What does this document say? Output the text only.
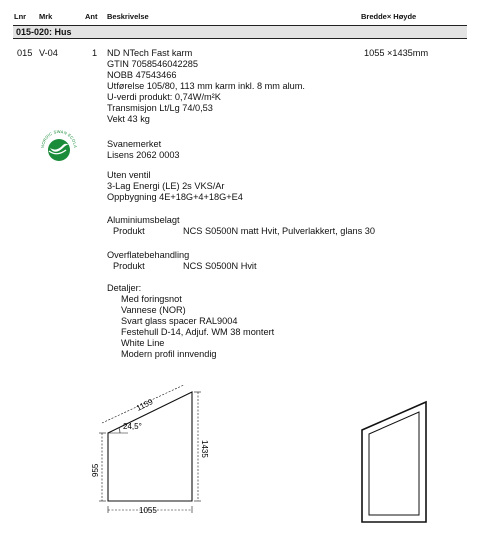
Lnr Mrk	Ant Beskrivelse	Bredde× Høyde
015-020: Hus
015 V-04	1 ND NTech Fast karm	1055 ×1435mm
GTIN 7058546042285
NOBB 47543466
Utførelse 105/80, 113 mm karm inkl. 8 mm alum.
U-verdi produkt: 0,74W/m²K
Transmisjon Lt/Lg 74/0,53
Vekt 43 kg
NORDIC SWAN ECOLA	Svanemerket
Lisens 2062 0003
Uten ventil
3-Lag Energi (LE) 2s VKS/Ar
Oppbygning 4E+18G+4+18G+E4
Aluminiumsbelagt
Produkt	NCS S0500N matt Hvit, Pulverlakkert, glans 30
Overflatebehandling
Produkt	NCS S0500N Hvit
Detaljer:
Med foringsnot
Vannese (NOR)
Svart glass spacer RAL9004
Festehull D-14, Adjuf. WM 38 montert
White Line
Modern profil innvendig
1159
24,5°
1435
955
1055
